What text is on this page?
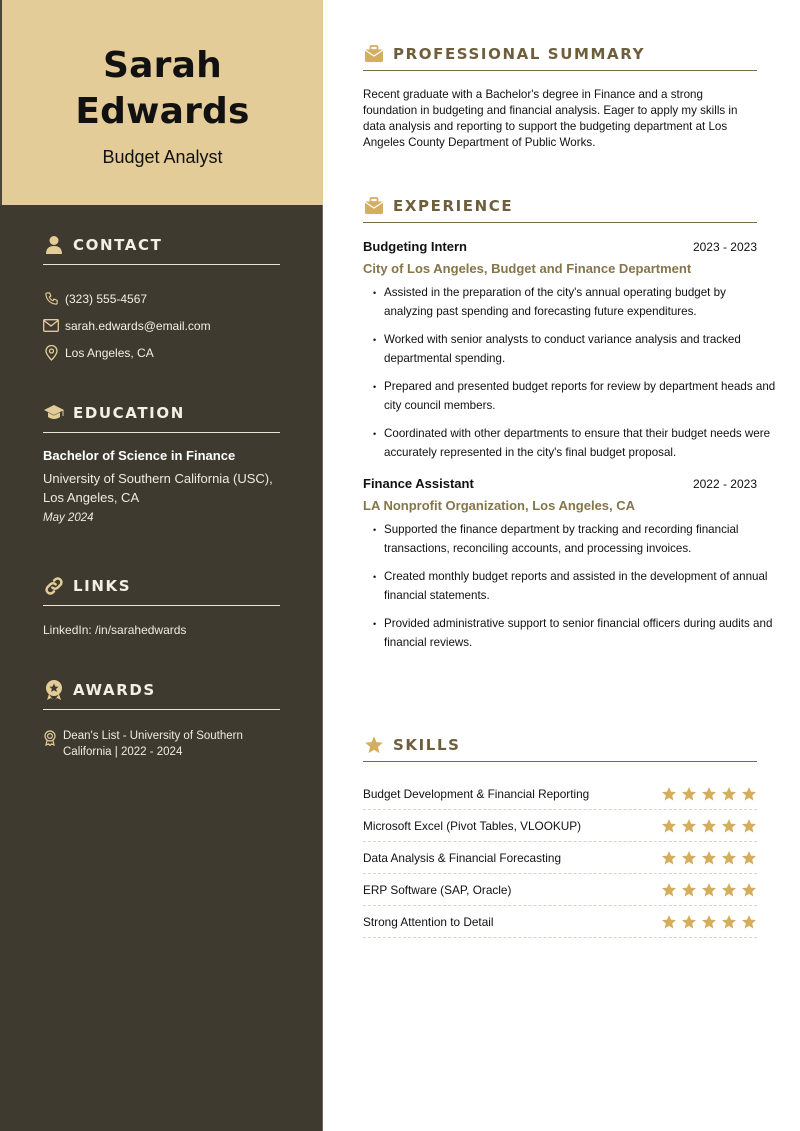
Sarah
Edwards
Budget Analyst
CONTACT
(323) 555-4567
sarah.edwards@email.com
Los Angeles, CA
EDUCATION
Bachelor of Science in Finance
University of Southern California (USC), Los Angeles, CA
May 2024
LINKS
LinkedIn: /in/sarahedwards
AWARDS
Dean's List - University of Southern California | 2022 - 2024
PROFESSIONAL SUMMARY
Recent graduate with a Bachelor's degree in Finance and a strong foundation in budgeting and financial analysis. Eager to apply my skills in data analysis and reporting to support the budgeting department at Los Angeles County Department of Public Works.
EXPERIENCE
Budgeting Intern	2023 - 2023
City of Los Angeles, Budget and Finance Department
• Assisted in the preparation of the city's annual operating budget by analyzing past spending and forecasting future expenditures.
• Worked with senior analysts to conduct variance analysis and tracked departmental spending.
• Prepared and presented budget reports for review by department heads and city council members.
• Coordinated with other departments to ensure that their budget needs were accurately represented in the city's final budget proposal.
Finance Assistant	2022 - 2023
LA Nonprofit Organization, Los Angeles, CA
• Supported the finance department by tracking and recording financial transactions, reconciling accounts, and processing invoices.
• Created monthly budget reports and assisted in the development of annual financial statements.
• Provided administrative support to senior financial officers during audits and financial reviews.
SKILLS
Budget Development & Financial Reporting
Microsoft Excel (Pivot Tables, VLOOKUP)
Data Analysis & Financial Forecasting
ERP Software (SAP, Oracle)
Strong Attention to Detail
